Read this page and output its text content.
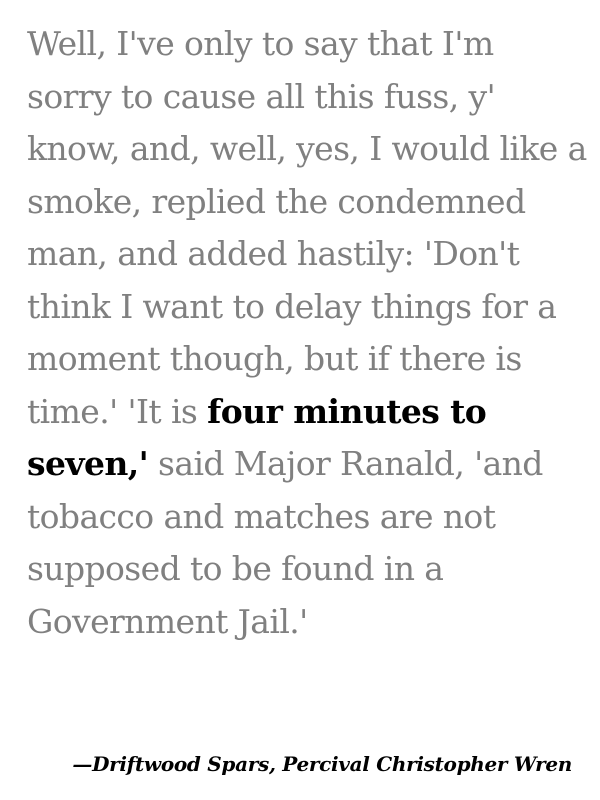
Well, I've only to say that I'm sorry to cause all this fuss, y' know, and, well, yes, I would like a smoke, replied the condemned man, and added hastily: 'Don't think I want to delay things for a moment though, but if there is time.' 'It is four minutes to seven,' said Major Ranald, 'and tobacco and matches are not supposed to be found in a Government Jail.'

—Driftwood Spars, Percival Christopher Wren
